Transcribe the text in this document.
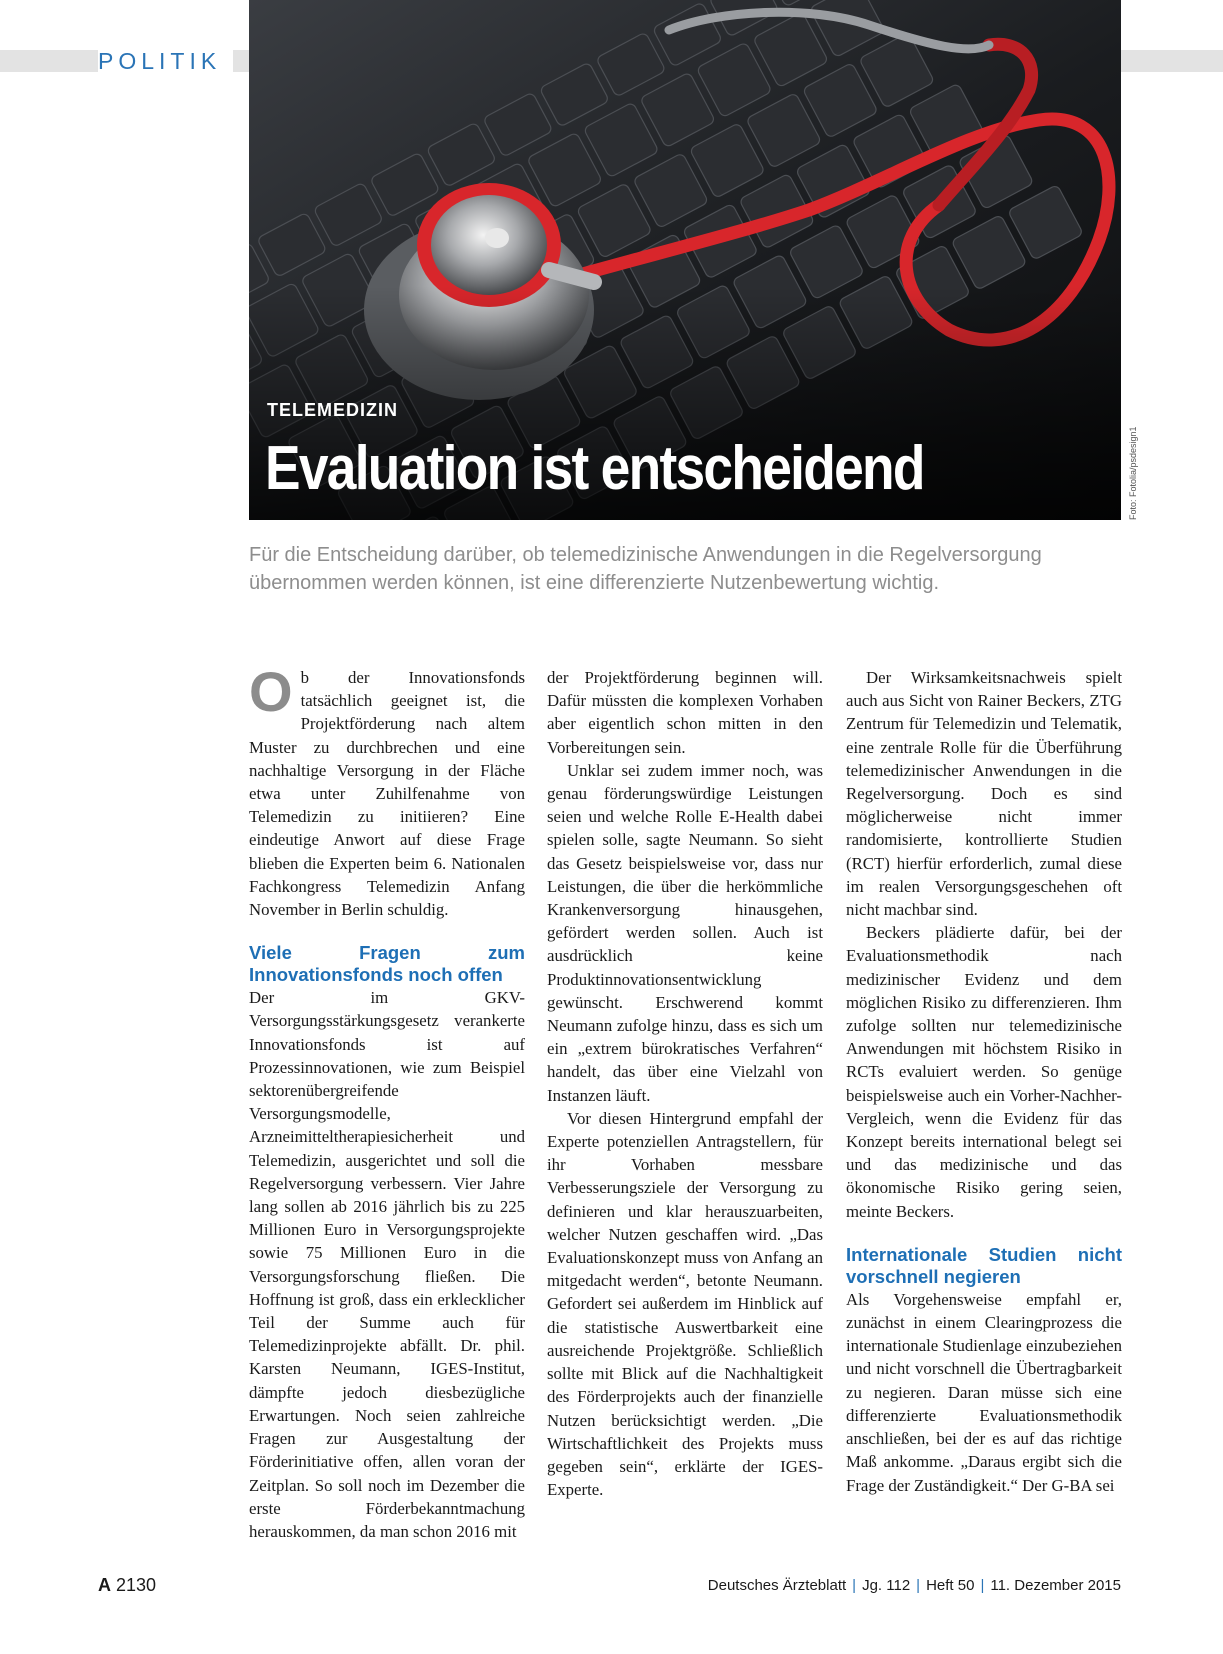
POLITIK
TELEMEDIZIN
Evaluation ist entscheidend	Foto: Fotolia/psdesign1
Für die Entscheidung darüber, ob telemedizinische Anwendungen in die Regelversorgung übernommen werden können, ist eine differenzierte Nutzenbewertung wichtig.

Ob der Innovationsfonds tatsächlich geeignet ist, die Projektförderung nach altem Muster zu durchbrechen und eine nachhaltige Versorgung in der Fläche etwa unter Zuhilfenahme von Telemedizin zu initiieren? Eine eindeutige Anwort auf diese Frage blieben die Experten beim 6. Nationalen Fachkongress Telemedizin Anfang November in Berlin schuldig.

Viele Fragen zum Innovationsfonds noch offen

Der im GKV-Versorgungsstärkungsgesetz verankerte Innovationsfonds ist auf Prozessinnovationen, wie zum Beispiel sektorenübergreifende Versorgungsmodelle, Arzneimitteltherapiesicherheit und Telemedizin, ausgerichtet und soll die Regelversorgung verbessern. Vier Jahre lang sollen ab 2016 jährlich bis zu 225 Millionen Euro in Versorgungsprojekte sowie 75 Millionen Euro in die Versorgungsforschung fließen. Die Hoffnung ist groß, dass ein erklecklicher Teil der Summe auch für Telemedizinprojekte abfällt. Dr. phil. Karsten Neumann, IGES-Institut, dämpfte jedoch diesbezügliche Erwartungen. Noch seien zahlreiche Fragen zur Ausgestaltung der Förderinitiative offen, allen voran der Zeitplan. So soll noch im Dezember die erste Förderbekanntmachung herauskommen, da man schon 2016 mit

der Projektförderung beginnen will. Dafür müssten die komplexen Vorhaben aber eigentlich schon mitten in den Vorbereitungen sein.

Unklar sei zudem immer noch, was genau förderungswürdige Leistungen seien und welche Rolle E-Health dabei spielen solle, sagte Neumann. So sieht das Gesetz beispielsweise vor, dass nur Leistungen, die über die herkömmliche Krankenversorgung hinausgehen, gefördert werden sollen. Auch ist ausdrücklich keine Produktinnovationsentwicklung gewünscht. Erschwerend kommt Neumann zufolge hinzu, dass es sich um ein „extrem bürokratisches Verfahren“ handelt, das über eine Vielzahl von Instanzen läuft.

Vor diesen Hintergrund empfahl der Experte potenziellen Antragstellern, für ihr Vorhaben messbare Verbesserungsziele der Versorgung zu definieren und klar herauszuarbeiten, welcher Nutzen geschaffen wird. „Das Evaluationskonzept muss von Anfang an mitgedacht werden“, betonte Neumann. Gefordert sei außerdem im Hinblick auf die statistische Auswertbarkeit eine ausreichende Projektgröße. Schließlich sollte mit Blick auf die Nachhaltigkeit des Förderprojekts auch der finanzielle Nutzen berücksichtigt werden. „Die Wirtschaftlichkeit des Projekts muss gegeben sein“, erklärte der IGES-Experte.

Der Wirksamkeitsnachweis spielt auch aus Sicht von Rainer Beckers, ZTG Zentrum für Telemedizin und Telematik, eine zentrale Rolle für die Überführung telemedizinischer Anwendungen in die Regelversorgung. Doch es sind möglicherweise nicht immer randomisierte, kontrollierte Studien (RCT) hierfür erforderlich, zumal diese im realen Versorgungsgeschehen oft nicht machbar sind.

Beckers plädierte dafür, bei der Evaluationsmethodik nach medizinischer Evidenz und dem möglichen Risiko zu differenzieren. Ihm zufolge sollten nur telemedizinische Anwendungen mit höchstem Risiko in RCTs evaluiert werden. So genüge beispielsweise auch ein Vorher-Nachher-Vergleich, wenn die Evidenz für das Konzept bereits international belegt sei und das medizinische und das ökonomische Risiko gering seien, meinte Beckers.

Internationale Studien nicht vorschnell negieren

Als Vorgehensweise empfahl er, zunächst in einem Clearingprozess die internationale Studienlage einzubeziehen und nicht vorschnell die Übertragbarkeit zu negieren. Daran müsse sich eine differenzierte Evaluationsmethodik anschließen, bei der es auf das richtige Maß ankomme. „Daraus ergibt sich die Frage der Zuständigkeit.“ Der G-BA sei

A 2130	Deutsches Ärzteblatt | Jg. 112 | Heft 50 | 11. Dezember 2015
